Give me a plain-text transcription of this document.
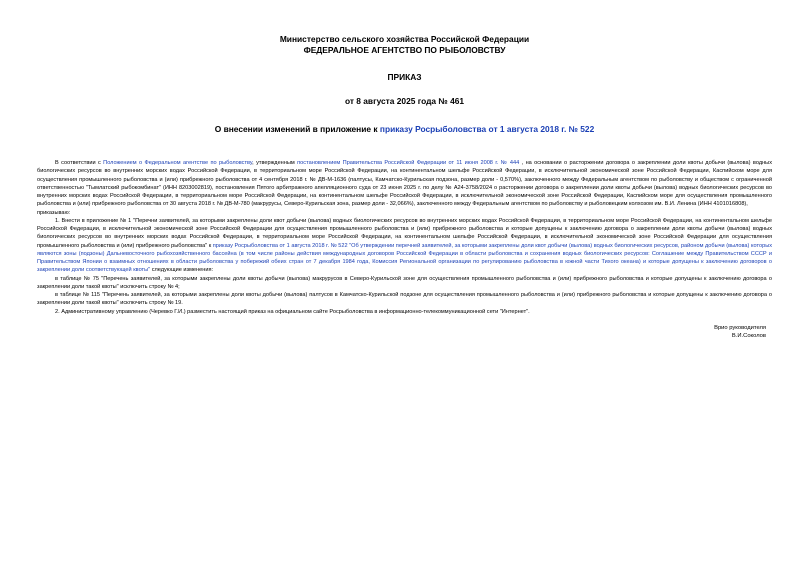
Министерство сельского хозяйства Российской Федерации
ФЕДЕРАЛЬНОЕ АГЕНТСТВО ПО РЫБОЛОВСТВУ
ПРИКАЗ
от 8 августа 2025 года № 461
О внесении изменений в приложение к приказу Росрыболовства от 1 августа 2018 г. № 522

В соответствии с Положением о Федеральном агентстве по рыболовству, утвержденным постановлением Правительства Российской Федерации от 11 июня 2008 г. № 444 , на основании о расторжении договора о закреплении доли квоты добычи (вылова) водных биологических ресурсов во внутренних морских водах Российской Федерации, в территориальном море Российской Федерации, на континентальном шельфе Российской Федерации, в исключительной экономической зоне Российской Федерации, Каспийском море для осуществления промышленного рыболовства и (или) прибрежного рыболовства от 4 сентября 2018 г. № ДВ-М-1636 (палтусы, Камчатско-Курильская подзона, размер доли - 0,570%), заключенного между Федеральным агентством по рыболовству и обществом с ограниченной ответственностью "Тымлатский рыбокомбинат" (ИНН 8203002819), постановления Пятого арбитражного апелляционного суда от 23 июня 2025 г. по делу № А24-3758/2024 о расторжении договора о закреплении доли квоты добычи (вылова) водных биологических ресурсов во внутренних морских водах Российской Федерации, в территориальном море Российской Федерации, на континентальном шельфе Российской Федерации, в исключительной экономической зоне Российской Федерации, Каспийском море для осуществления промышленного рыболовства и (или) прибрежного рыболовства от 30 августа 2018 г. № ДВ-М-780 (макрурусы, Северо-Курильская зона, размер доли - 32,066%), заключенного между Федеральным агентством по рыболовству и рыболовецким колхозом им. В.И. Ленина (ИНН 4101016808),

приказываю:

1. Внести в приложение № 1 "Перечни заявителей, за которыми закреплены доли квот добычи (вылова) водных биологических ресурсов во внутренних морских водах Российской Федерации, в территориальном море Российской Федерации, на континентальном шельфе Российской Федерации, в исключительной экономической зоне Российской Федерации для осуществления промышленного рыболовства и (или) прибрежного рыболовства и которые допущены к заключению договора о закреплении доли квоты добычи (вылова) водных биологических ресурсов во внутренних морских водах Российской Федерации, в территориальном море Российской Федерации, на континентальном шельфе Российской Федерации, в исключительной экономической зоне Российской Федерации для осуществления промышленного рыболовства и (или) прибрежного рыболовства" к приказу Росрыболовства от 1 августа 2018 г. № 522 "Об утверждении перечней заявителей, за которыми закреплены доли квот добычи (вылова) водных биологических ресурсов, районом добычи (вылова) которых являются зоны (подзоны) Дальневосточного рыбохозяйственного бассейна (в том числе районы действия международных договоров Российской Федерации в области рыболовства и сохранения водных биологических ресурсов: Соглашение между Правительством СССР и Правительством Японии о взаимных отношениях в области рыболовства у побережий обеих стран от 7 декабря 1984 года, Комиссия Региональной организации по регулированию рыболовства в южной части Тихого океана) и которые допущены к заключению договоров о закреплении доли соответствующей квоты" следующие изменения:

в таблице № 75 "Перечень заявителей, за которыми закреплены доли квоты добычи (вылова) макрурусов в Северо-Курильской зоне для осуществления промышленного рыболовства и (или) прибрежного рыболовства и которые допущены к заключению договора о закреплении доли такой квоты" исключить строку № 4;

в таблице № 115 "Перечень заявителей, за которыми закреплены доли квоты добычи (вылова) палтусов в Камчатско-Курильской подзоне для осуществления промышленного рыболовства и (или) прибрежного рыболовства и которые допущены к заключению договора о закреплении доли такой квоты" исключить строку № 19.

2. Административному управлению (Черевко Г.И.) разместить настоящий приказ на официальном сайте Росрыболовства в информационно-телекоммуникационной сети "Интернет".

Врио руководителя
В.И.Соколов
